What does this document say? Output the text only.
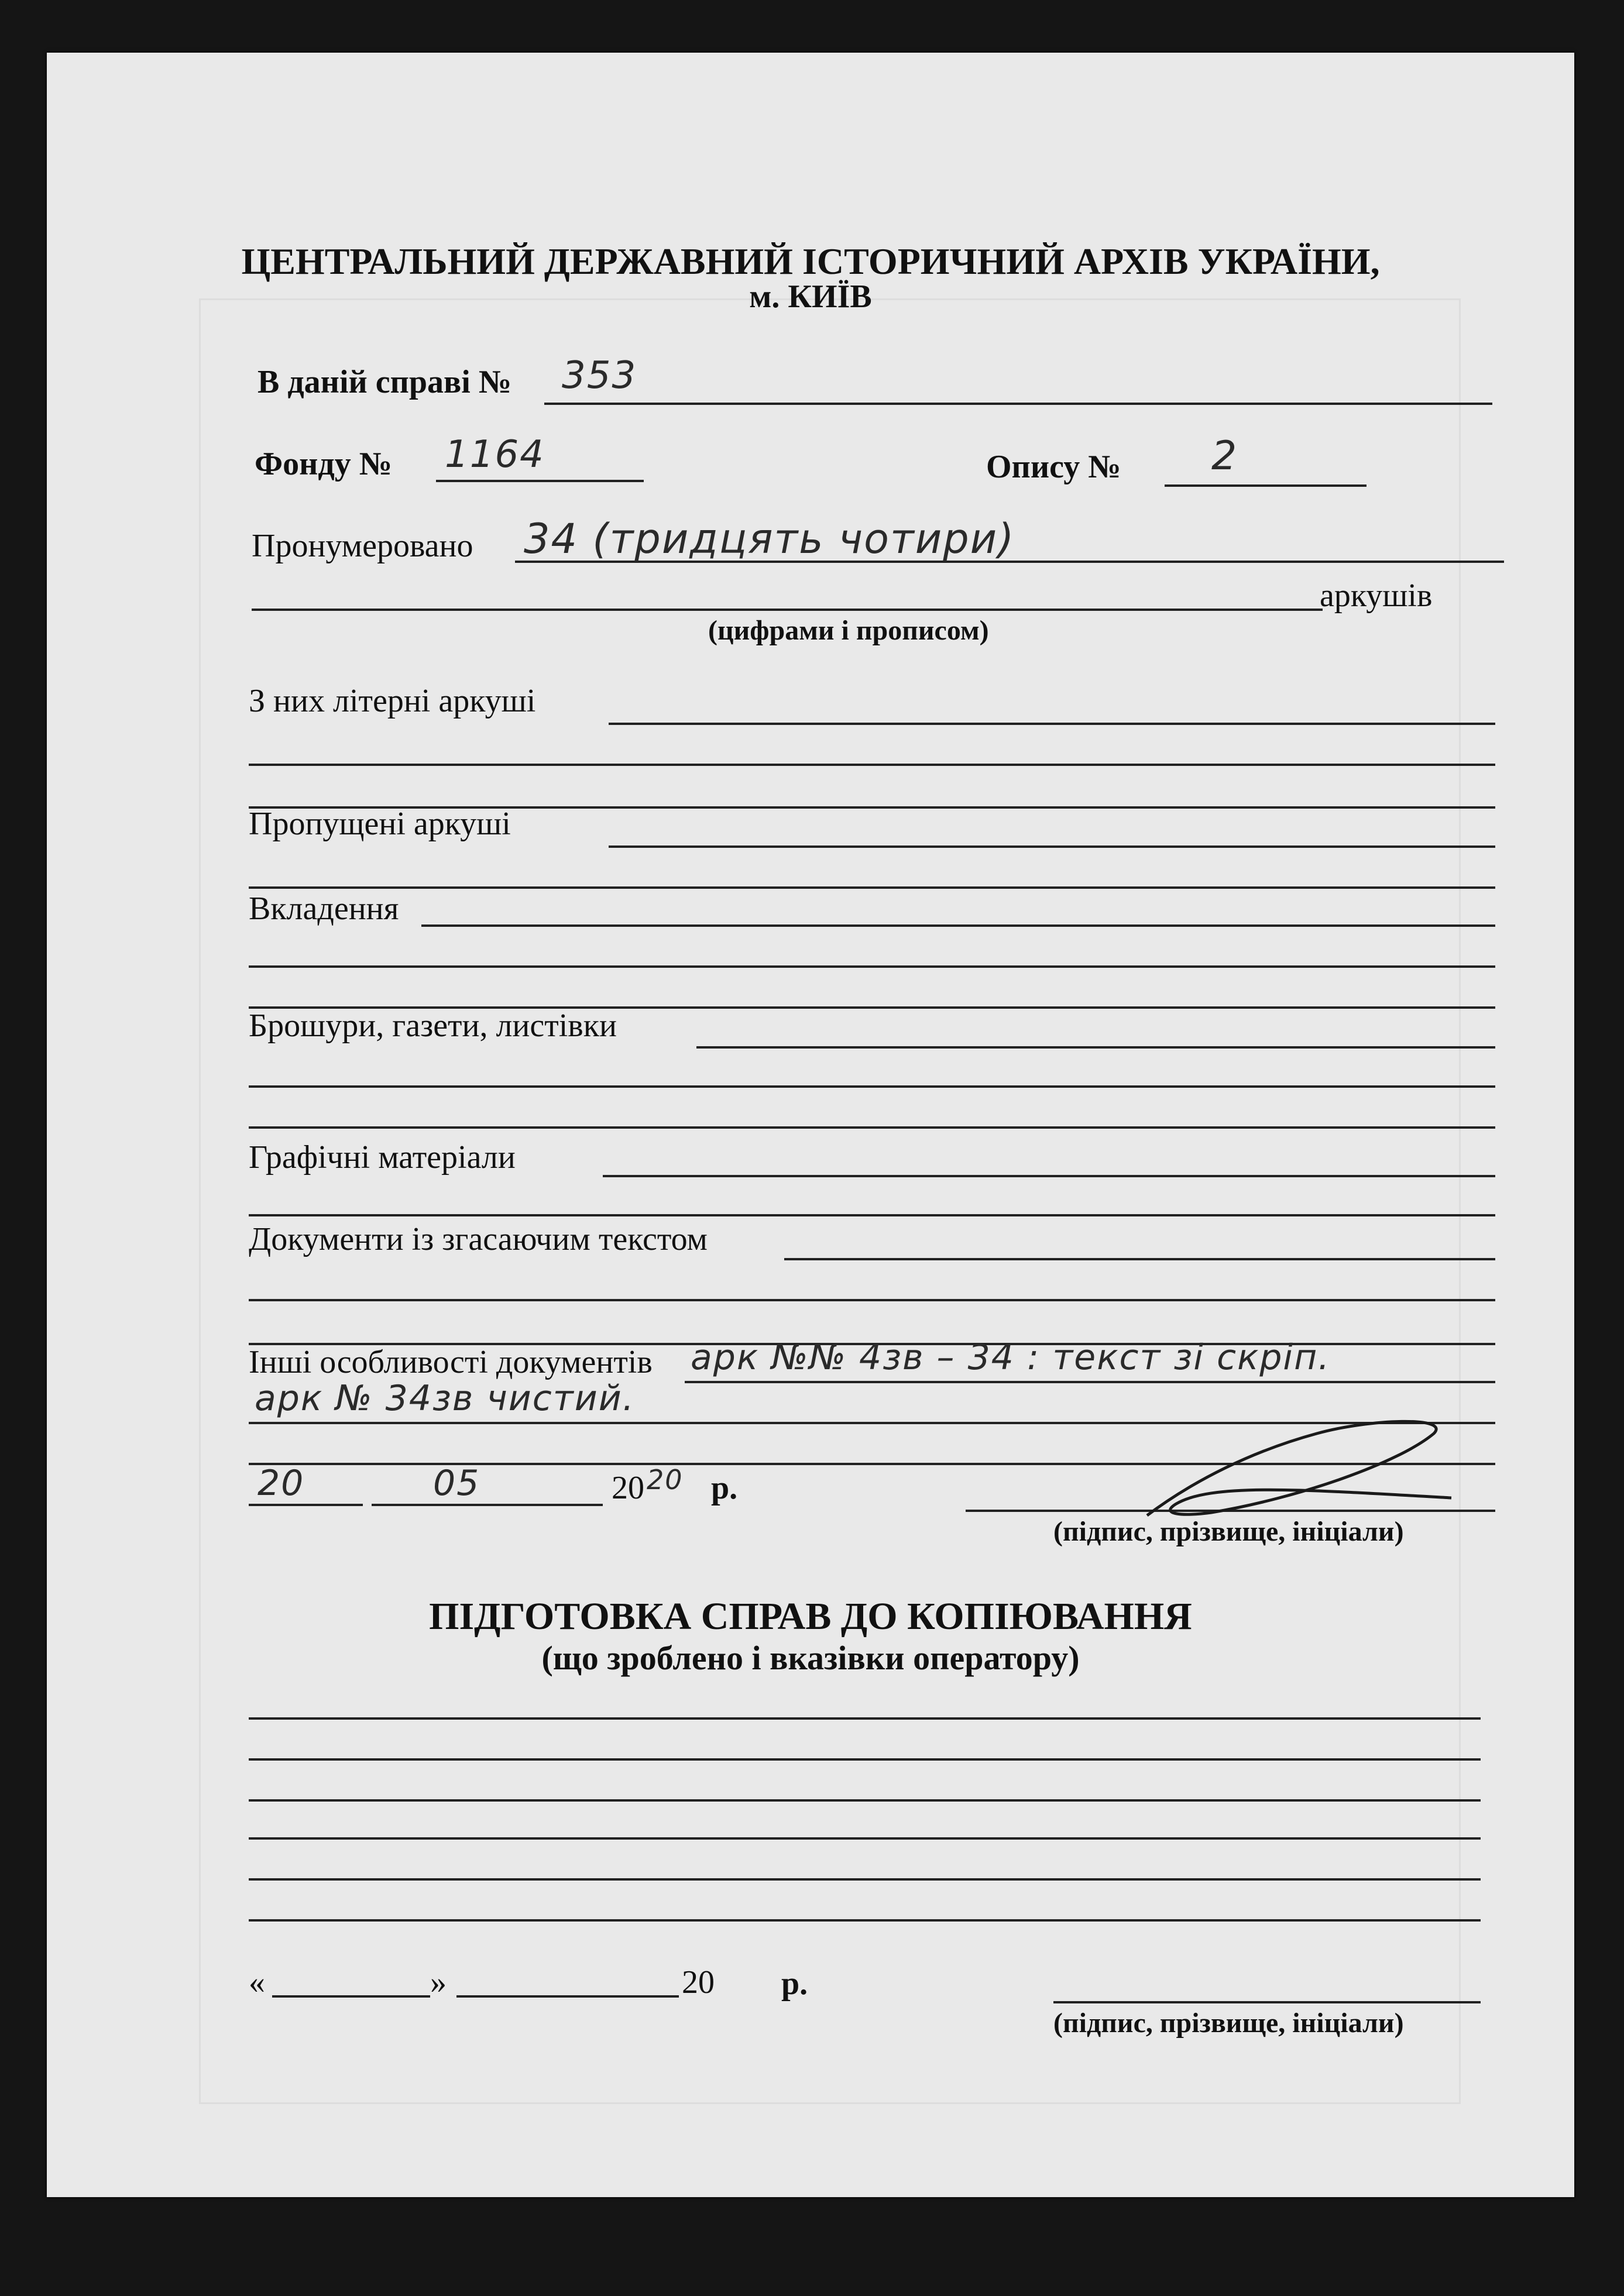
ЦЕНТРАЛЬНИЙ ДЕРЖАВНИЙ ІСТОРИЧНИЙ АРХІВ УКРАЇНИ,
м. КИЇВ
В даній справі № 353
Фонду № 1164	Опису № 2
Пронумеровано 34 (тридцять чотири)
аркушів
(цифрами і прописом)
З них літерні аркуші
Пропущені аркуші
Вкладення
Брошури, газети, листівки
Графічні матеріали
Документи із згасаючим текстом
Інші особливості документів арк №№ 4зв – 34 : текст зі скріп.
арк № 34зв чистий.
20	05	20 20 р.
(підпис, прізвище, ініціали)
ПІДГОТОВКА СПРАВ ДО КОПІЮВАННЯ
(що зроблено і вказівки оператору)
«	»	20 р.
(підпис, прізвище, ініціали)
